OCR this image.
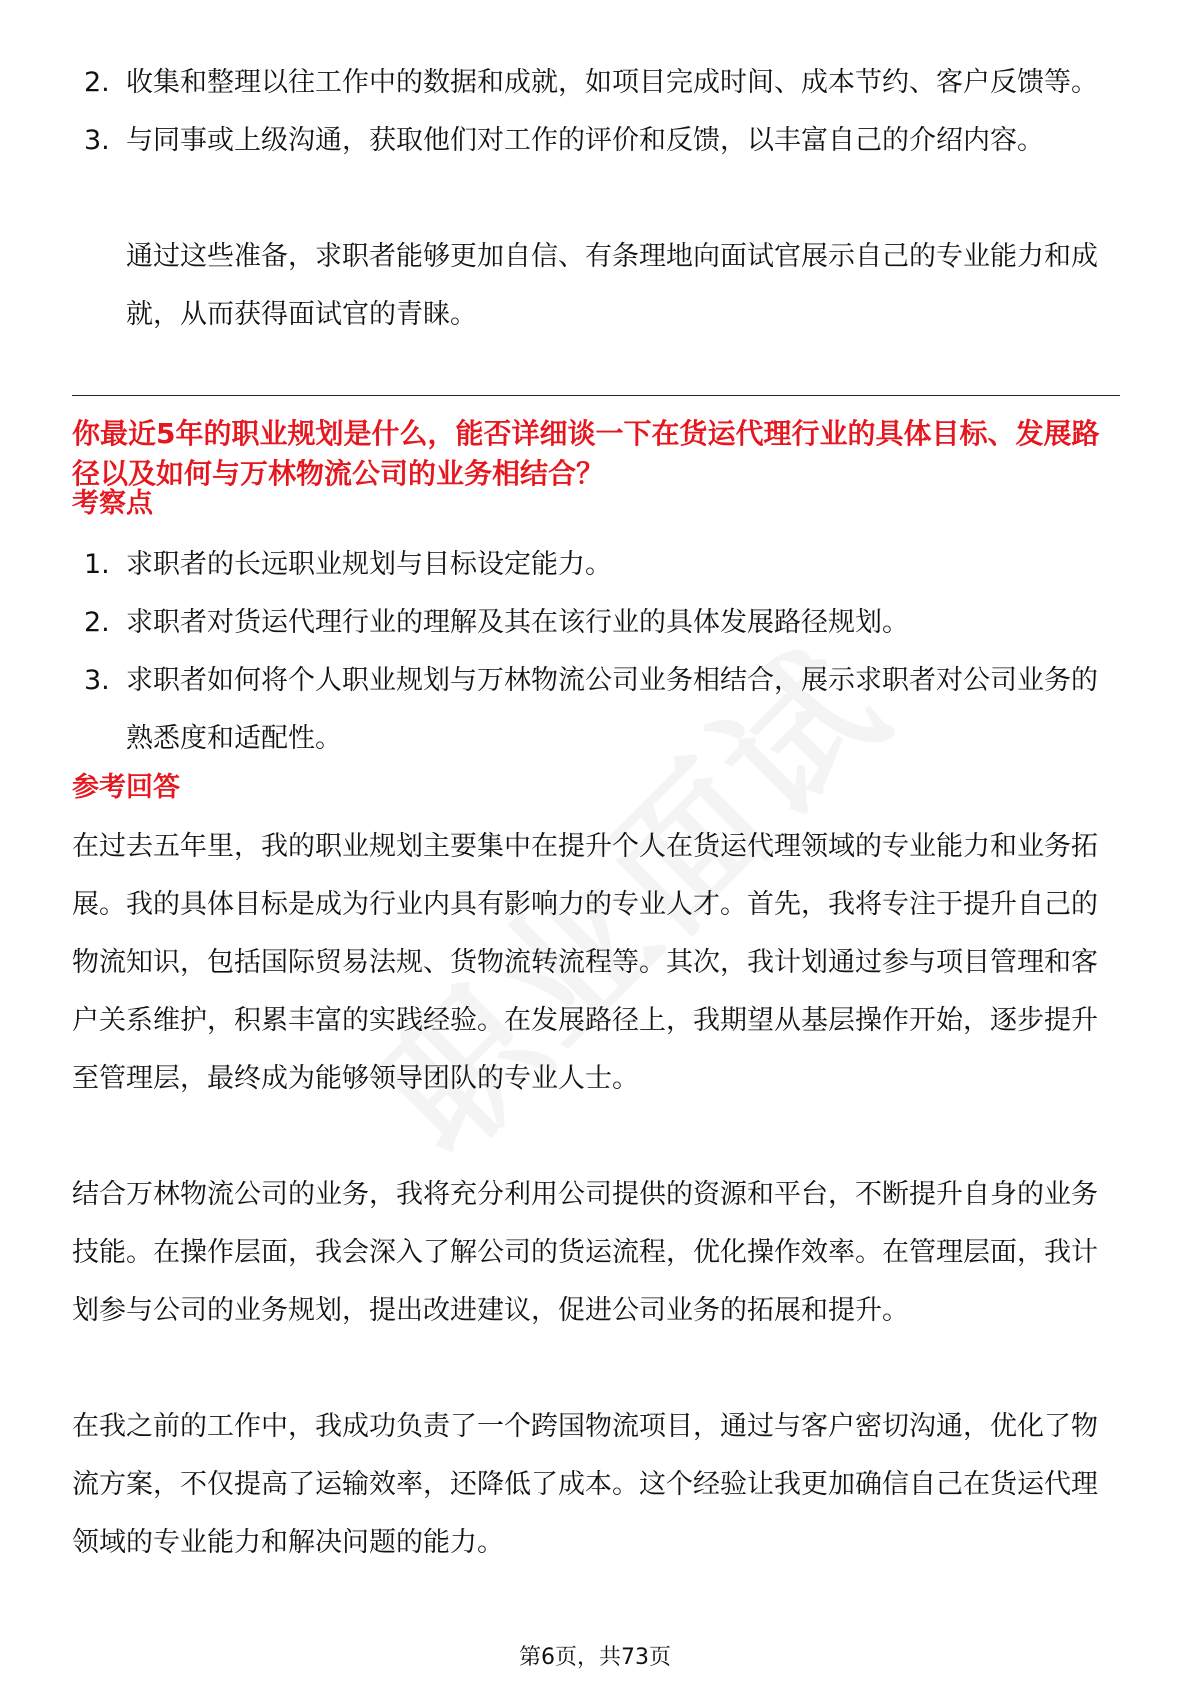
2. 收集和整理以往工作中的数据和成就，如项目完成时间、成本节约、客户反馈等。
3. 与同事或上级沟通，获取他们对工作的评价和反馈，以丰富自己的介绍内容。

通过这些准备，求职者能够更加自信、有条理地向面试官展示自己的专业能力和成就，从而获得面试官的青睐。

你最近5年的职业规划是什么，能否详细谈一下在货运代理行业的具体目标、发展路径以及如何与万林物流公司的业务相结合？

考察点

1. 求职者的长远职业规划与目标设定能力。
2. 求职者对货运代理行业的理解及其在该行业的具体发展路径规划。
3. 求职者如何将个人职业规划与万林物流公司业务相结合，展示求职者对公司业务的熟悉度和适配性。

参考回答

在过去五年里，我的职业规划主要集中在提升个人在货运代理领域的专业能力和业务拓展。我的具体目标是成为行业内具有影响力的专业人才。首先，我将专注于提升自己的物流知识，包括国际贸易法规、货物流转流程等。其次，我计划通过参与项目管理和客户关系维护，积累丰富的实践经验。在发展路径上，我期望从基层操作开始，逐步提升至管理层，最终成为能够领导团队的专业人士。

结合万林物流公司的业务，我将充分利用公司提供的资源和平台，不断提升自身的业务技能。在操作层面，我会深入了解公司的货运流程，优化操作效率。在管理层面，我计划参与公司的业务规划，提出改进建议，促进公司业务的拓展和提升。

在我之前的工作中，我成功负责了一个跨国物流项目，通过与客户密切沟通，优化了物流方案，不仅提高了运输效率，还降低了成本。这个经验让我更加确信自己在货运代理领域的专业能力和解决问题的能力。

第6页，共73页
